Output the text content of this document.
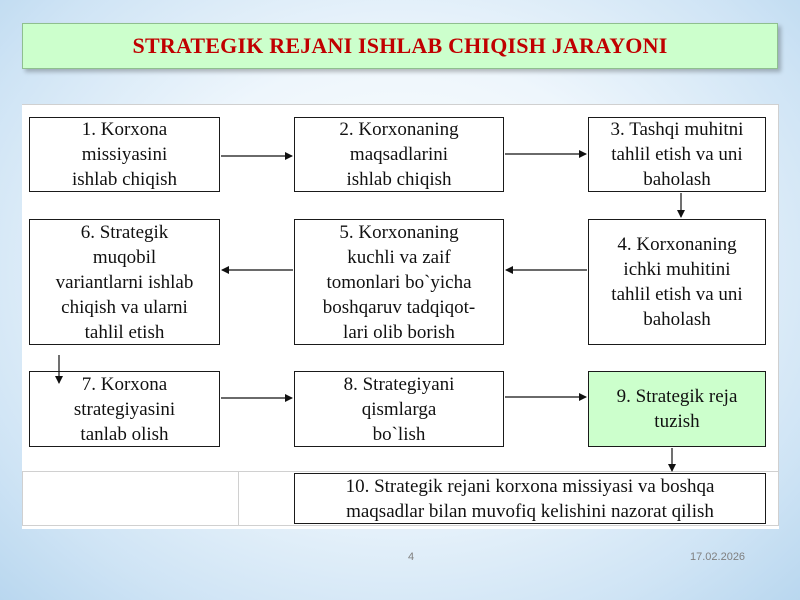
STRATEGIK REJANI ISHLAB CHIQISH JARAYONI
1. Korxona
missiyasini
ishlab chiqish
2. Korxonaning
maqsadlarini
ishlab chiqish
3. Tashqi muhitni
tahlil etish va uni
baholash
4. Korxonaning
ichki muhitini
tahlil etish va uni
baholash
5. Korxonaning
kuchli va zaif
tomonlari bo`yicha
boshqaruv tadqiqot-
lari olib borish
6. Strategik
muqobil
variantlarni ishlab
chiqish va ularni
tahlil etish
7. Korxona
strategiyasini
tanlab olish
8. Strategiyani
qismlarga
bo`lish
9. Strategik reja
tuzish
10. Strategik rejani korxona missiyasi va boshqa
maqsadlar bilan muvofiq kelishini nazorat qilish
4	17.02.2026
